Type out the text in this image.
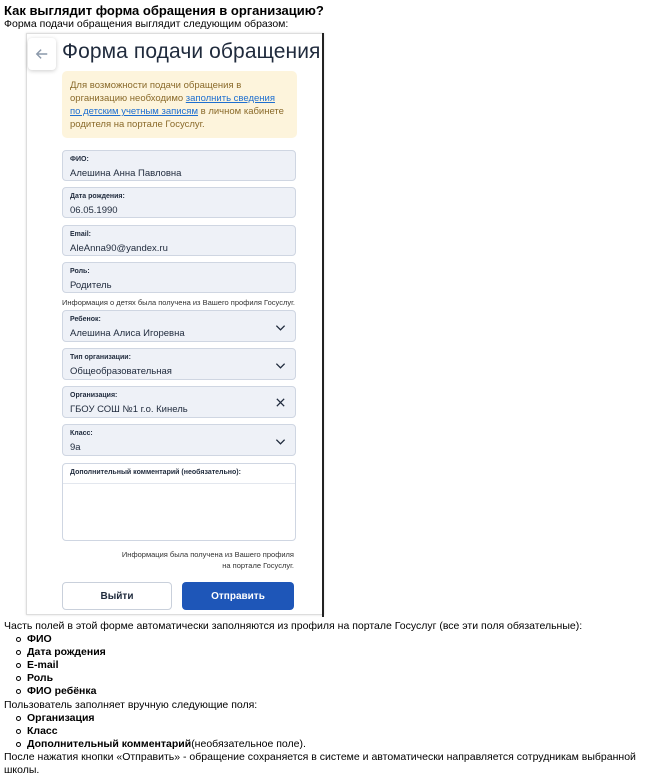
Как выглядит форма обращения в организацию?
Форма подачи обращения выглядит следующим образом:
Форма подачи обращения
Для возможности подачи обращения в организацию необходимо заполнить сведения по детским учетным записям в личном кабинете родителя на портале Госуслуг.
ФИО:
Алешина Анна Павловна
Дата рождения:
06.05.1990
Email:
AleAnna90@yandex.ru
Роль:
Родитель
Информация о детях была получена из Вашего профиля Госуслуг.
Ребенок:
Алешина Алиса Игоревна
Тип организации:
Общеобразовательная
Организация:
ГБОУ СОШ №1 г.о. Кинель
Класс:
9а
Дополнительный комментарий (необязательно):
Информация была получена из Вашего профиля
на портале Госуслуг.
Выйти	Отправить
Часть полей в этой форме автоматически заполняются из профиля на портале Госуслуг (все эти поля обязательные):
ФИО
Дата рождения
E-mail
Роль
ФИО ребёнка
Пользователь заполняет вручную следующие поля:
Организация
Класс
Дополнительный комментарий (необязательное поле).
После нажатия кнопки «Отправить» - обращение сохраняется в системе и автоматически направляется сотрудникам выбранной школы.
